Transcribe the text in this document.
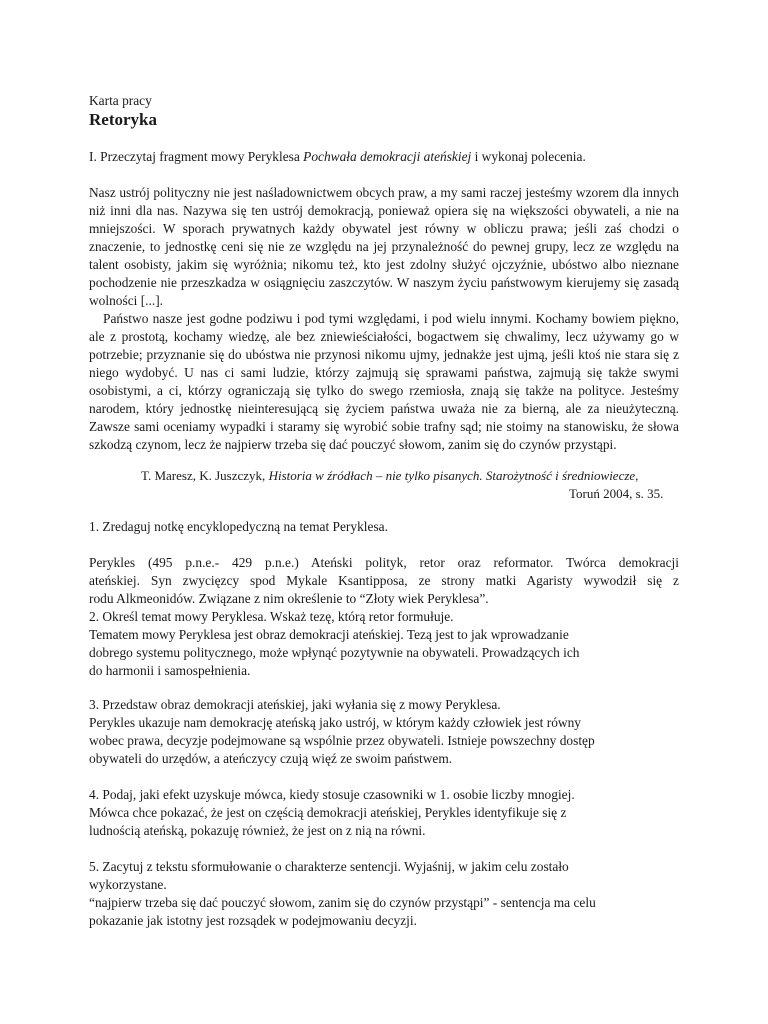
Karta pracy
Retoryka
I. Przeczytaj fragment mowy Peryklesa Pochwała demokracji ateńskiej i wykonaj polecenia.
Nasz ustrój polityczny nie jest naśladownictwem obcych praw, a my sami raczej jesteśmy wzorem dla innych niż inni dla nas. Nazywa się ten ustrój demokracją, ponieważ opiera się na większości obywateli, a nie na mniejszości. W sporach prywatnych każdy obywatel jest równy w obliczu prawa; jeśli zaś chodzi o znaczenie, to jednostkę ceni się nie ze względu na jej przynależność do pewnej grupy, lecz ze względu na talent osobisty, jakim się wyróżnia; nikomu też, kto jest zdolny służyć ojczyźnie, ubóstwo albo nieznane pochodzenie nie przeszkadza w osiągnięciu zaszczytów. W naszym życiu państwowym kierujemy się zasadą wolności [...].
Państwo nasze jest godne podziwu i pod tymi względami, i pod wielu innymi. Kochamy bowiem piękno, ale z prostotą, kochamy wiedzę, ale bez zniewieściałości, bogactwem się chwalimy, lecz używamy go w potrzebie; przyznanie się do ubóstwa nie przynosi nikomu ujmy, jednakże jest ujmą, jeśli ktoś nie stara się z niego wydobyć. U nas ci sami ludzie, którzy zajmują się sprawami państwa, zajmują się także swymi osobistymi, a ci, którzy ograniczają się tylko do swego rzemiosła, znają się także na polityce. Jesteśmy narodem, który jednostkę nieinteresującą się życiem państwa uważa nie za bierną, ale za nieużyteczną. Zawsze sami oceniamy wypadki i staramy się wyrobić sobie trafny sąd; nie stoimy na stanowisku, że słowa szkodzą czynom, lecz że najpierw trzeba się dać pouczyć słowom, zanim się do czynów przystąpi.
T. Maresz, K. Juszczyk, Historia w źródłach – nie tylko pisanych. Starożytność i średniowiecze,
Toruń 2004, s. 35.
1. Zredaguj notkę encyklopedyczną na temat Peryklesa.
Perykles (495 p.n.e.- 429 p.n.e.) Ateński polityk, retor oraz reformator. Twórca demokracji
ateńskiej. Syn zwycięzcy spod Mykale Ksantipposa, ze strony matki Agaristy wywodził się z
rodu Alkmeonidów. Związane z nim określenie to “Złoty wiek Peryklesa”.
2. Określ temat mowy Peryklesa. Wskaż tezę, którą retor formułuje.
Tematem mowy Peryklesa jest obraz demokracji ateńskiej. Tezą jest to jak wprowadzanie
dobrego systemu politycznego, może wpłynąć pozytywnie na obywateli. Prowadzących ich
do harmonii i samospełnienia.
3. Przedstaw obraz demokracji ateńskiej, jaki wyłania się z mowy Peryklesa.
Perykles ukazuje nam demokrację ateńską jako ustrój, w którym każdy człowiek jest równy
wobec prawa, decyzje podejmowane są wspólnie przez obywateli. Istnieje powszechny dostęp
obywateli do urzędów, a ateńczycy czują więź ze swoim państwem.
4. Podaj, jaki efekt uzyskuje mówca, kiedy stosuje czasowniki w 1. osobie liczby mnogiej.
Mówca chce pokazać, że jest on częścią demokracji ateńskiej, Perykles identyfikuje się z
ludnością ateńską, pokazuję również, że jest on z nią na równi.
5. Zacytuj z tekstu sformułowanie o charakterze sentencji. Wyjaśnij, w jakim celu zostało
wykorzystane.
“najpierw trzeba się dać pouczyć słowom, zanim się do czynów przystąpi” - sentencja ma celu
pokazanie jak istotny jest rozsądek w podejmowaniu decyzji.
